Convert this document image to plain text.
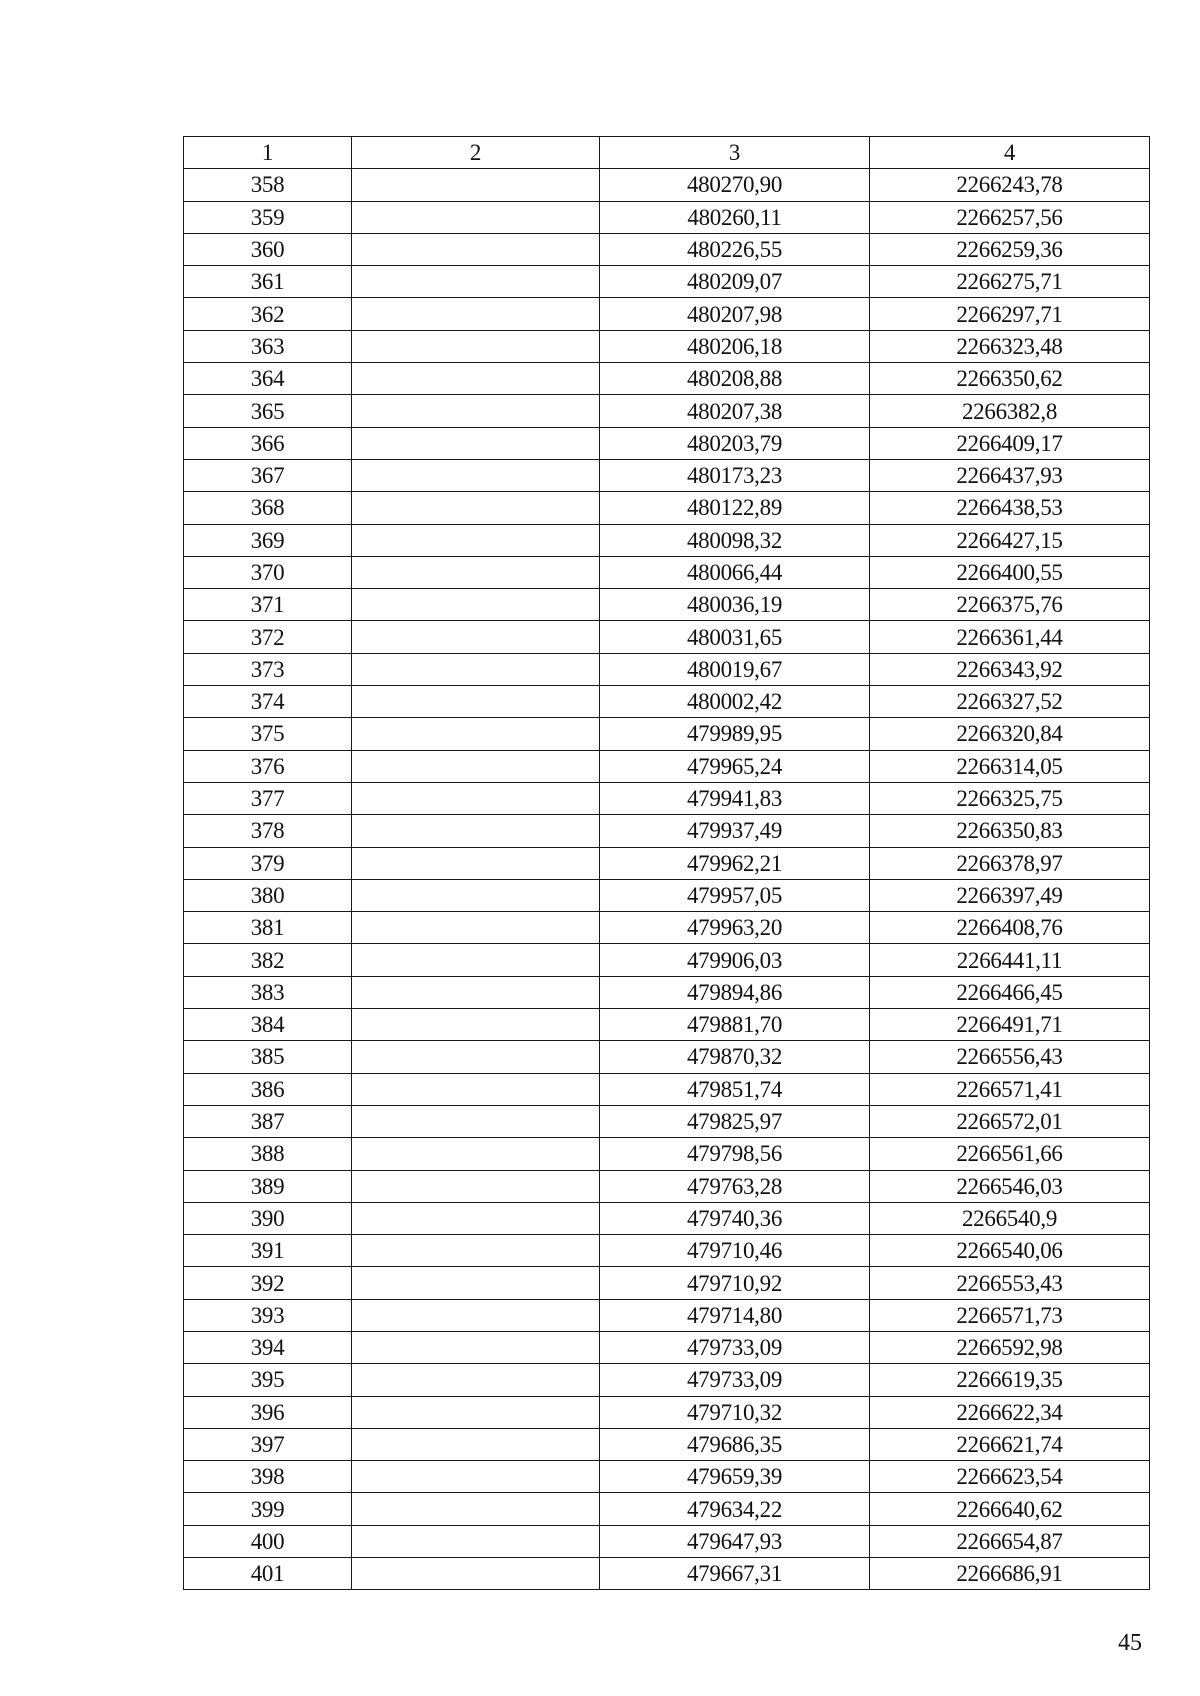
1	2	3	4
358		480270,90	2266243,78
359		480260,11	2266257,56
360		480226,55	2266259,36
361		480209,07	2266275,71
362		480207,98	2266297,71
363		480206,18	2266323,48
364		480208,88	2266350,62
365		480207,38	2266382,8
366		480203,79	2266409,17
367		480173,23	2266437,93
368		480122,89	2266438,53
369		480098,32	2266427,15
370		480066,44	2266400,55
371		480036,19	2266375,76
372		480031,65	2266361,44
373		480019,67	2266343,92
374		480002,42	2266327,52
375		479989,95	2266320,84
376		479965,24	2266314,05
377		479941,83	2266325,75
378		479937,49	2266350,83
379		479962,21	2266378,97
380		479957,05	2266397,49
381		479963,20	2266408,76
382		479906,03	2266441,11
383		479894,86	2266466,45
384		479881,70	2266491,71
385		479870,32	2266556,43
386		479851,74	2266571,41
387		479825,97	2266572,01
388		479798,56	2266561,66
389		479763,28	2266546,03
390		479740,36	2266540,9
391		479710,46	2266540,06
392		479710,92	2266553,43
393		479714,80	2266571,73
394		479733,09	2266592,98
395		479733,09	2266619,35
396		479710,32	2266622,34
397		479686,35	2266621,74
398		479659,39	2266623,54
399		479634,22	2266640,62
400		479647,93	2266654,87
401		479667,31	2266686,91
45
